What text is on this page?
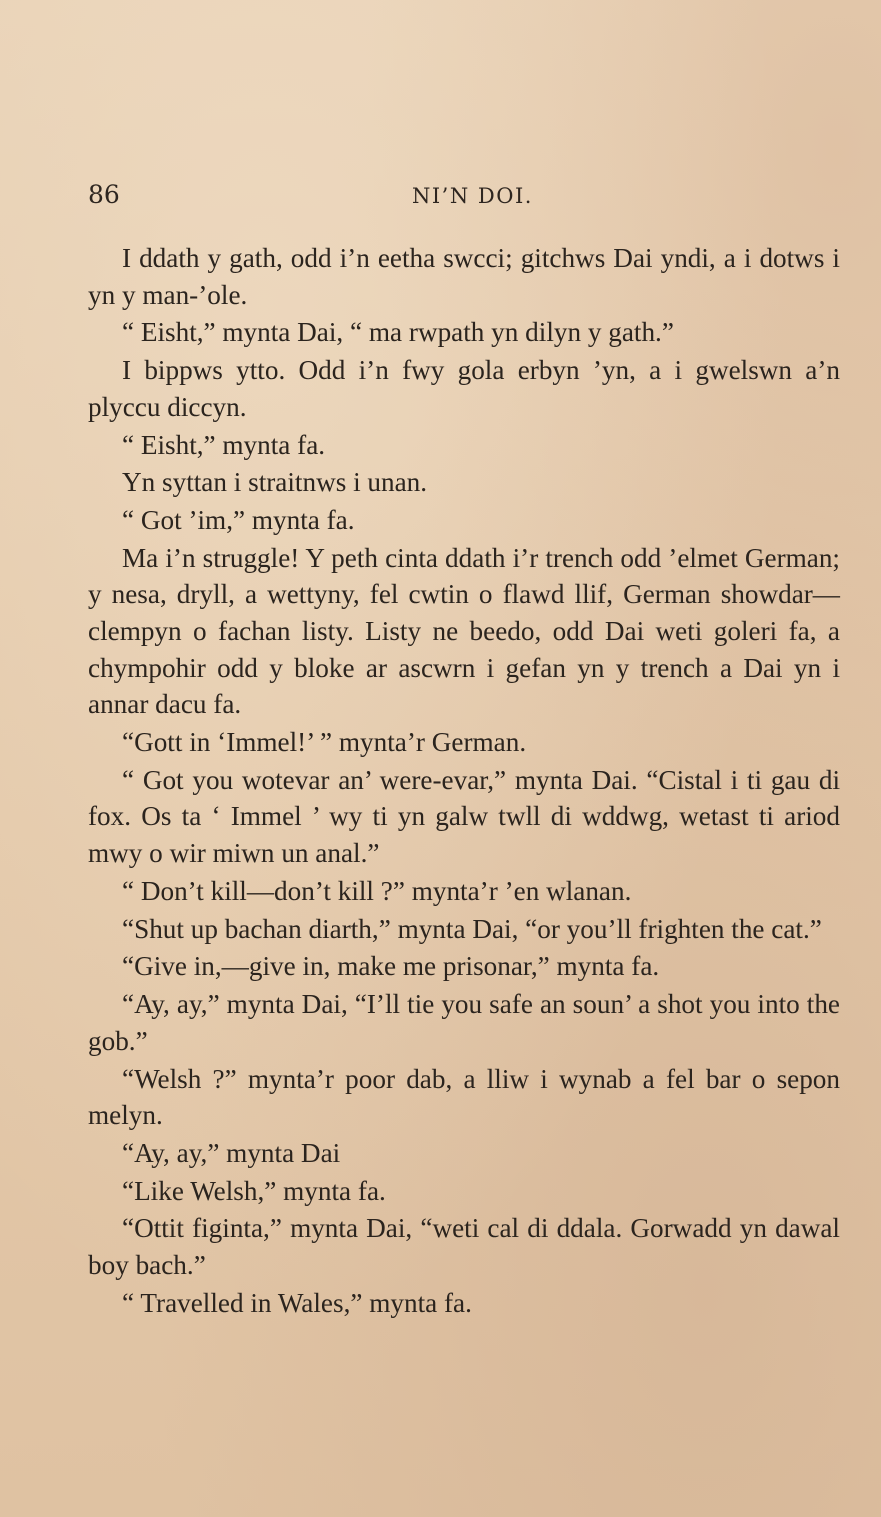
86	NI’N DOI.

I ddath y gath, odd i’n eetha swcci; gitchws Dai yndi, a i dotws i yn y man-’ole.

“ Eisht,” mynta Dai, “ ma rwpath yn dilyn y gath.”

I bippws ytto. Odd i’n fwy gola erbyn ’yn, a i gwelswn a’n plyccu diccyn.

“ Eisht,” mynta fa.

Yn syttan i straitnws i unan.

“ Got ’im,” mynta fa.

Ma i’n struggle! Y peth cinta ddath i’r trench odd ’elmet German; y nesa, dryll, a wettyny, fel cwtin o flawd llif, German showdar—clempyn o fachan listy. Listy ne beedo, odd Dai weti goleri fa, a chympohir odd y bloke ar ascwrn i gefan yn y trench a Dai yn i annar dacu fa.

“Gott in ‘Immel!’ ” mynta’r German.

“ Got you wotevar an’ were-evar,” mynta Dai. “Cistal i ti gau di fox. Os ta ‘ Immel ’ wy ti yn galw twll di wddwg, wetast ti ariod mwy o wir miwn un anal.”

“ Don’t kill—don’t kill ?” mynta’r ’en wlanan.

“Shut up bachan diarth,” mynta Dai, “or you’ll frighten the cat.”

“Give in,—give in, make me prisonar,” mynta fa.

“Ay, ay,” mynta Dai, “I’ll tie you safe an soun’ a shot you into the gob.”

“Welsh ?” mynta’r poor dab, a lliw i wynab a fel bar o sepon melyn.

“Ay, ay,” mynta Dai

“Like Welsh,” mynta fa.

“Ottit figinta,” mynta Dai, “weti cal di ddala. Gorwadd yn dawal boy bach.”

“ Travelled in Wales,” mynta fa.
